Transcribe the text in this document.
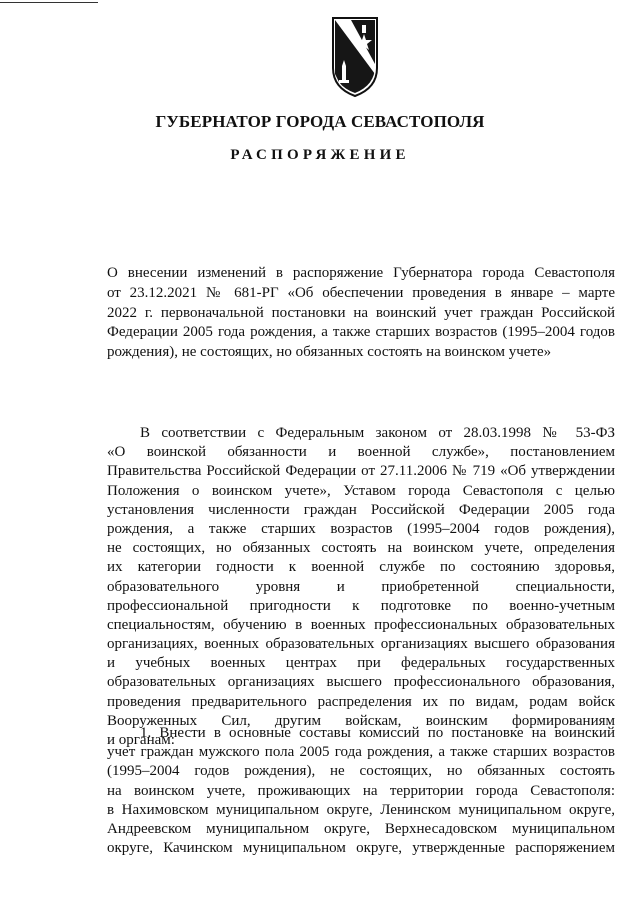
ГУБЕРНАТОР ГОРОДА СЕВАСТОПОЛЯ
РАСПОРЯЖЕНИЕ
О внесении изменений в распоряжение Губернатора города Севастополя
от 23.12.2021 № 681-РГ «Об обеспечении проведения в январе – марте
2022 г. первоначальной постановки на воинский учет граждан Российской
Федерации 2005 года рождения, а также старших возрастов (1995–2004 годов
рождения), не состоящих, но обязанных состоять на воинском учете»
В соответствии с Федеральным законом от 28.03.1998 № 53-ФЗ
«О воинской обязанности и военной службе», постановлением
Правительства Российской Федерации от 27.11.2006 № 719 «Об утверждении
Положения о воинском учете», Уставом города Севастополя с целью
установления численности граждан Российской Федерации 2005 года
рождения, а также старших возрастов (1995–2004 годов рождения),
не состоящих, но обязанных состоять на воинском учете, определения
их категории годности к военной службе по состоянию здоровья,
образовательного уровня и приобретенной специальности,
профессиональной пригодности к подготовке по военно-учетным
специальностям, обучению в военных профессиональных образовательных
организациях, военных образовательных организациях высшего образования
и учебных военных центрах при федеральных государственных
образовательных организациях высшего профессионального образования,
проведения предварительного распределения их по видам, родам войск
Вооруженных Сил, другим войскам, воинским формированиям
и органам:
1. Внести в основные составы комиссий по постановке на воинский
учет граждан мужского пола 2005 года рождения, а также старших возрастов
(1995–2004 годов рождения), не состоящих, но обязанных состоять
на воинском учете, проживающих на территории города Севастополя:
в Нахимовском муниципальном округе, Ленинском муниципальном округе,
Андреевском муниципальном округе, Верхнесадовском муниципальном
округе, Качинском муниципальном округе, утвержденные распоряжением
